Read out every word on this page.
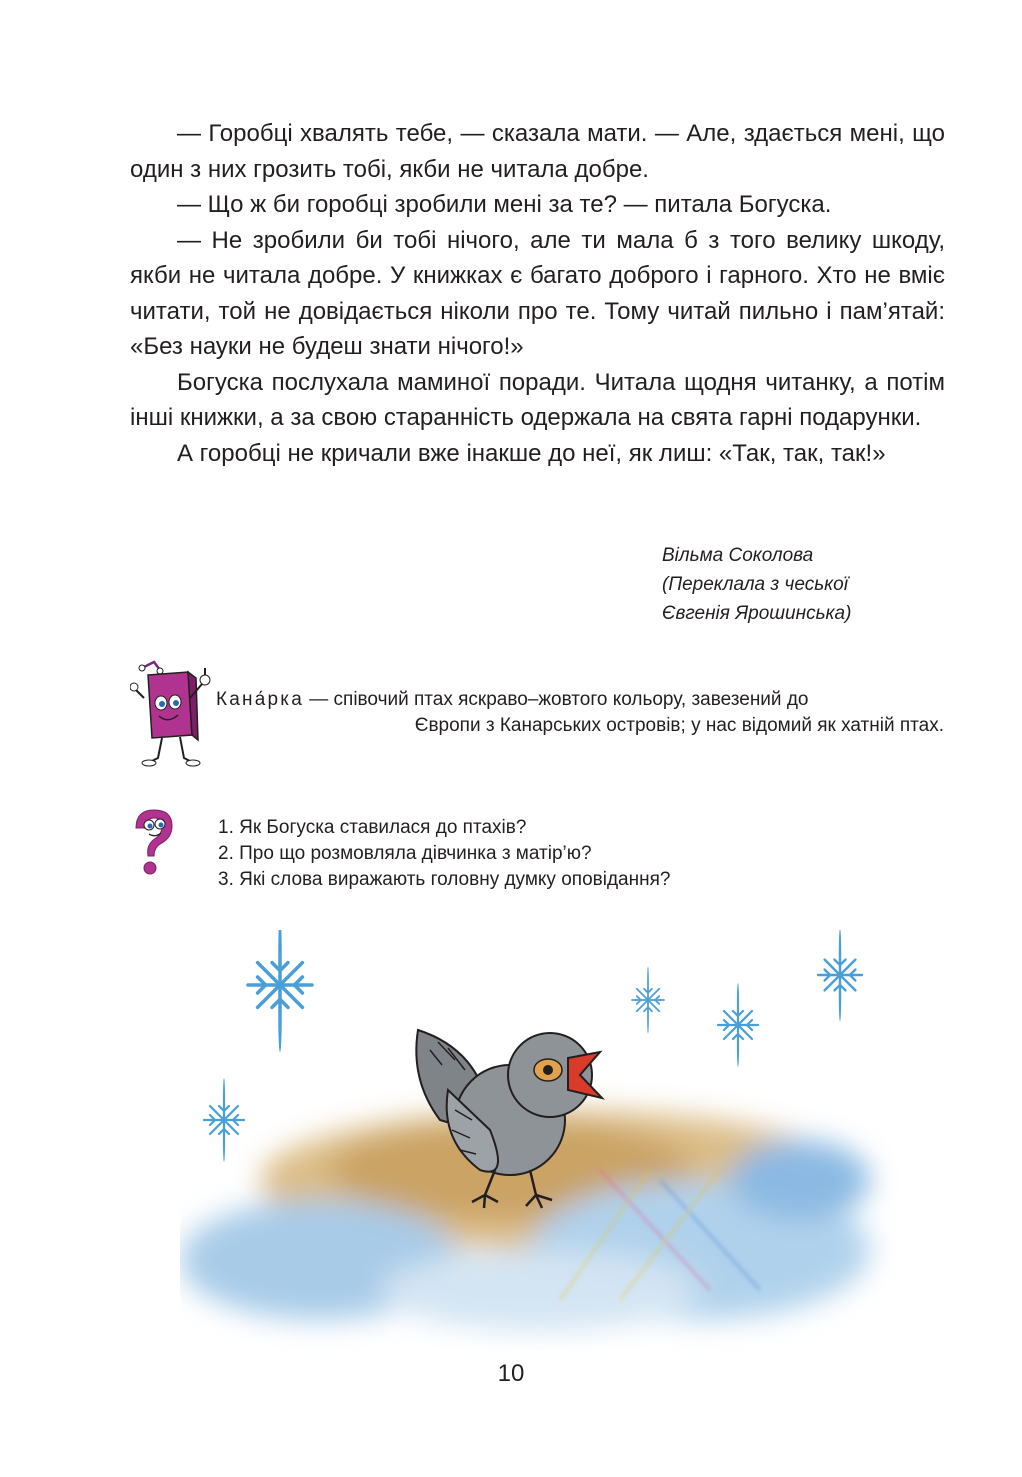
— Горобці хвалять тебе, — сказала мати. — Але, здається мені, що один з них грозить тобі, якби не читала добре.

— Що ж би горобці зробили мені за те? — питала Богуска.

— Не зробили би тобі нічого, але ти мала б з того велику шкоду, якби не читала добре. У книжках є багато доброго і гарного. Хто не вміє читати, той не довідається ніколи про те. Тому читай пильно і пам’ятай: «Без науки не будеш знати нічого!»

Богуска послухала маминої поради. Читала щодня читанку, а потім інші книжки, а за свою старанність одержала на свята гарні подарунки.

А горобці не кричали вже інакше до неї, як лиш: «Так, так, так!»

Вільма Соколова
(Переклала з чеської
Євгенія Ярошинська)
Кана́рка — співочий птах яскраво–жовтого кольору, завезений до
Європи з Канарських островів; у нас відомий як хатній птах.
1. Як Богуска ставилася до птахів?
2. Про що розмовляла дівчинка з матір’ю?
3. Які слова виражають головну думку оповідання?
10
